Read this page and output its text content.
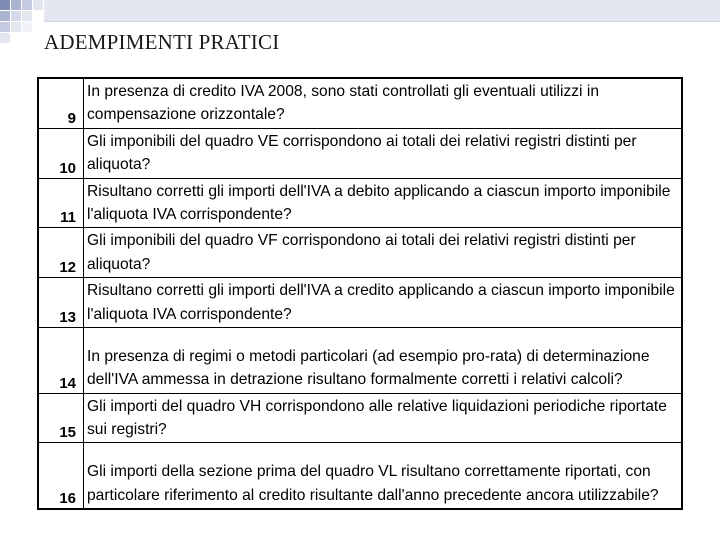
ADEMPIMENTI PRATICI
9
In presenza di credito IVA 2008, sono stati controllati gli eventuali utilizzi in compensazione orizzontale?
10
Gli imponibili del quadro VE corrispondono ai totali dei relativi registri distinti per aliquota?
11
Risultano corretti gli importi dell'IVA a debito applicando a ciascun importo imponibile l'aliquota IVA corrispondente?
12
Gli imponibili del quadro VF corrispondono ai totali dei relativi registri distinti per aliquota?
13
Risultano corretti gli importi dell'IVA a credito applicando a ciascun importo imponibile l'aliquota IVA corrispondente?
14
In presenza di regimi o metodi particolari (ad esempio pro-rata) di determinazione dell'IVA ammessa in detrazione risultano formalmente corretti i relativi calcoli?
15
Gli importi del quadro VH corrispondono alle relative liquidazioni periodiche riportate sui registri?
16
Gli importi della sezione prima del quadro VL risultano correttamente riportati, con particolare riferimento al credito risultante dall'anno precedente ancora utilizzabile?
